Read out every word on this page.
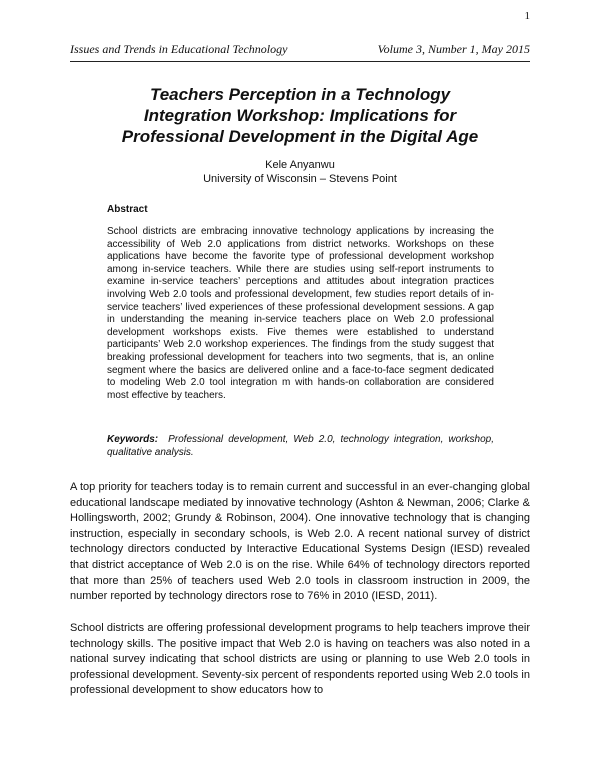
1
Issues and Trends in Educational Technology	Volume 3, Number 1, May 2015
Teachers Perception in a Technology
Integration Workshop: Implications for
Professional Development in the Digital Age
Kele Anyanwu
University of Wisconsin – Stevens Point
Abstract
School districts are embracing innovative technology applications by increasing the accessibility of Web 2.0 applications from district networks. Workshops on these applications have become the favorite type of professional development workshop among in-service teachers. While there are studies using self-report instruments to examine in-service teachers’ perceptions and attitudes about integration practices involving Web 2.0 tools and professional development, few studies report details of in-service teachers’ lived experiences of these professional development sessions. A gap in understanding the meaning in-service teachers place on Web 2.0 professional development workshops exists. Five themes were established to understand participants’ Web 2.0 workshop experiences. The findings from the study suggest that breaking professional development for teachers into two segments, that is, an online segment where the basics are delivered online and a face-to-face segment dedicated to modeling Web 2.0 tool integration m with hands-on collaboration are considered most effective by teachers.
Keywords: Professional development, Web 2.0, technology integration, workshop, qualitative analysis.

A top priority for teachers today is to remain current and successful in an ever-changing global educational landscape mediated by innovative technology (Ashton & Newman, 2006; Clarke & Hollingsworth, 2002; Grundy & Robinson, 2004). One innovative technology that is changing instruction, especially in secondary schools, is Web 2.0. A recent national survey of district technology directors conducted by Interactive Educational Systems Design (IESD) revealed that district acceptance of Web 2.0 is on the rise. While 64% of technology directors reported that more than 25% of teachers used Web 2.0 tools in classroom instruction in 2009, the number reported by technology directors rose to 76% in 2010 (IESD, 2011).

School districts are offering professional development programs to help teachers improve their technology skills. The positive impact that Web 2.0 is having on teachers was also noted in a national survey indicating that school districts are using or planning to use Web 2.0 tools in professional development. Seventy-six percent of respondents reported using Web 2.0 tools in professional development to show educators how to
